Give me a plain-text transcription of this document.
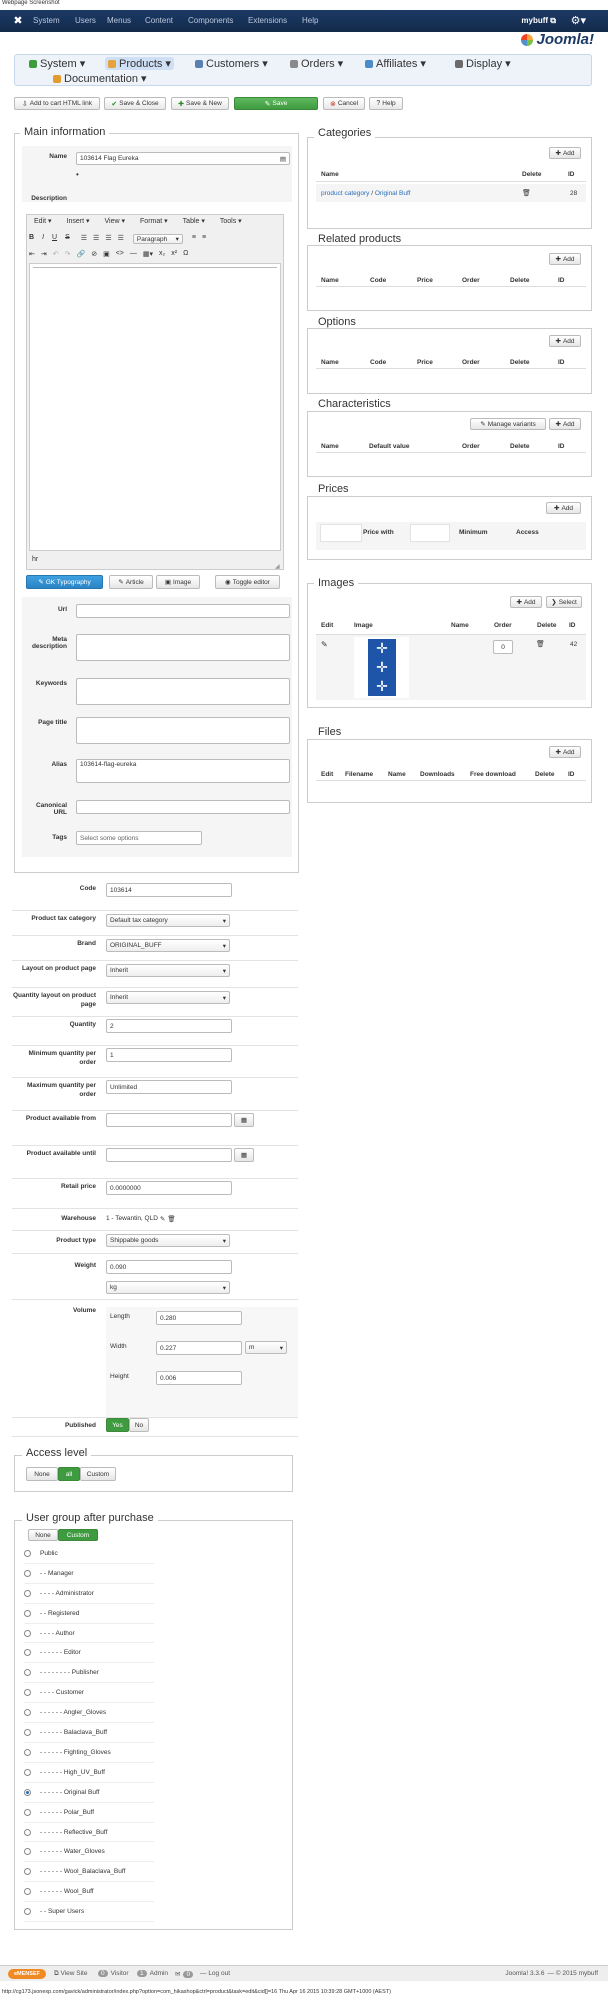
Webpage Screenshot
✖ System Users Menus Content Components Extensions Help	mybuff ⧉ ⚙▾
Joomla!
System ▾	Products ▾	Customers ▾	Orders ▾	Affiliates ▾	Display ▾
Documentation ▾
⇩ Add to cart HTML link	✔ Save & Close	✚ Save & New	✎ Save	⊗ Cancel	? Help
Main information
Name 103614 Flag Eureka	▤
•
Description
Edit ▾ Insert ▾ View ▾ Format ▾ Table ▾ Tools ▾
B I U S ☰ ☰ ☰ ☰ Paragraph ▾	≡ ≡
⇤ ⇥ ↶ ↷ 🔗 ⊘ ▣ <> — ▦▾ x₂ x² Ω
hr
◢
✎ GK Typography	✎ Article	▣ Image	◉ Toggle editor
Url
Meta description
Keywords
Page title
Alias 103614-flag-eureka
Canonical URL
Tags Select some options
Code 103614
Product tax category Default tax category	▾
Brand ORIGINAL_BUFF	▾
Layout on product page Inherit	▾
Quantity layout on product page
Inherit	▾
Quantity 2
Minimum quantity per order
1
Maximum quantity per order
Unlimited
Product available from	▦
Product available until	▦
Retail price 0.0000000
Warehouse 1 - Tewantin, QLD ✎ 🗑
Product type Shippable goods	▾
Weight 0.090
kg	▾
Volume
Length	0.280
Width	0.227	m	▾
Height	0.006
Published	Yes	No
Access level
None	all	Custom
User group after purchase
None	Custom
Public
- - Manager
- - - - Administrator
- - Registered
- - - - Author
- - - - - - Editor
- - - - - - - - Publisher
- - - - Customer
- - - - - - Angler_Gloves
- - - - - - Balaclava_Buff
- - - - - - Fighting_Gloves
- - - - - - High_UV_Buff
- - - - - - Original Buff
- - - - - - Polar_Buff
- - - - - - Reflective_Buff
- - - - - - Water_Gloves
- - - - - - Wool_Balaclava_Buff
- - - - - - Wool_Buff
- - Super Users
Categories
✚ Add
Name	Delete	ID
product category / Original Buff	🗑	28
Related products
✚ Add
Name	Code	Price	Order	Delete	ID
Options
✚ Add
Name	Code	Price	Order	Delete	ID
Characteristics
✎ Manage variants	✚ Add
Name	Default value	Order	Delete	ID
Prices
✚ Add
Price with	Minimum	Access
Images
✚ Add ❯ Select
Edit	Image	Name	Order	Delete ID
✎	✛
✛
✛
0	🗑	42
Files
✚ Add
Edit Filename Name Downloads Free download	Delete ID
eMENSEF	⧉ View Site	0 Visitor	1 Admin ✉ 0	— Log out	Joomla! 3.3.6 — © 2015 mybuff
http://cg173.jsonexp.com/gavick/administrator/index.php?option=com_hikashop&ctrl=product&task=edit&cid[]=16 Thu Apr 16 2015 10:39:28 GMT+1000 (AEST)
